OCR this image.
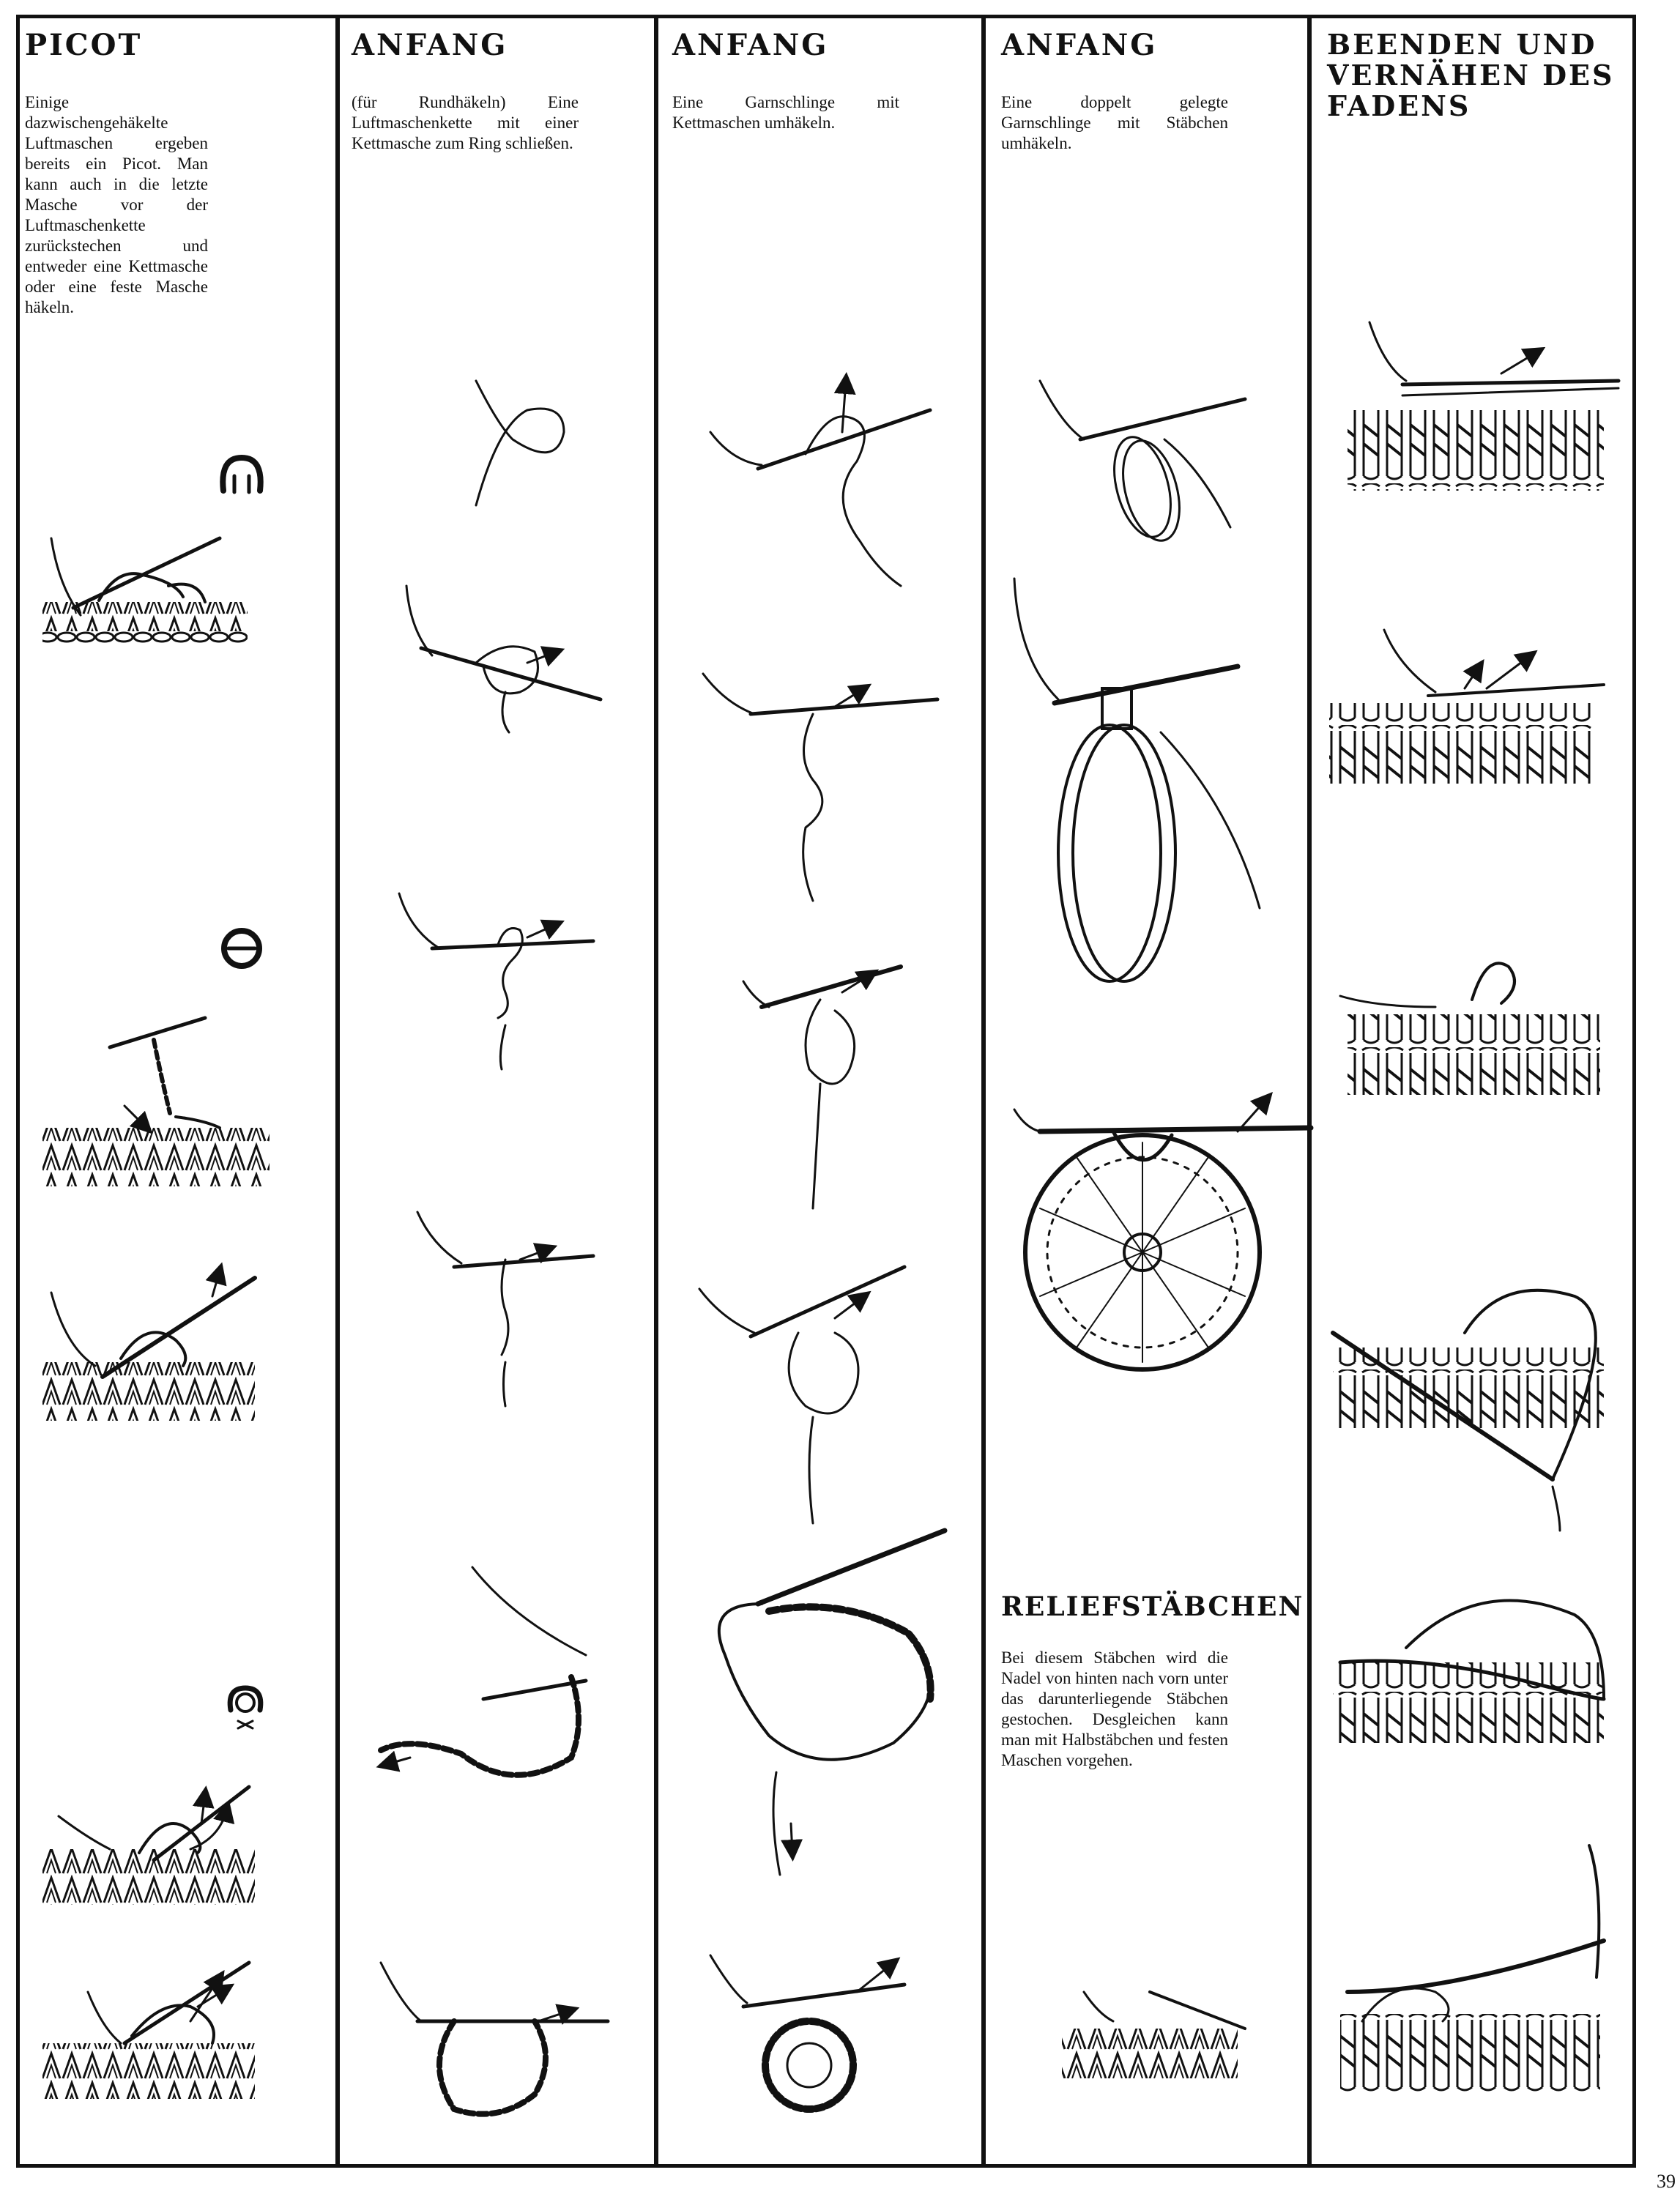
PICOT

Einige dazwischengehäkelte Luftmaschen ergeben bereits ein Picot. Man kann auch in die letzte Masche vor der Luftmaschenkette zurückstechen und entweder eine Kettmasche oder eine feste Masche häkeln.

ANFANG

(für Rundhäkeln) Eine Luftmaschenkette mit einer Kettmasche zum Ring schließen.

ANFANG

Eine Garnschlinge mit Kettmaschen umhäkeln.

ANFANG

Eine doppelt gelegte Garnschlinge mit Stäbchen umhäkeln.

BEENDEN UND VERNÄHEN DES FADENS
RELIEFSTÄBCHEN

Bei diesem Stäbchen wird die Nadel von hinten nach vorn unter das darunterliegende Stäbchen gestochen. Desgleichen kann man mit Halbstäbchen und festen Maschen vorgehen.

39
